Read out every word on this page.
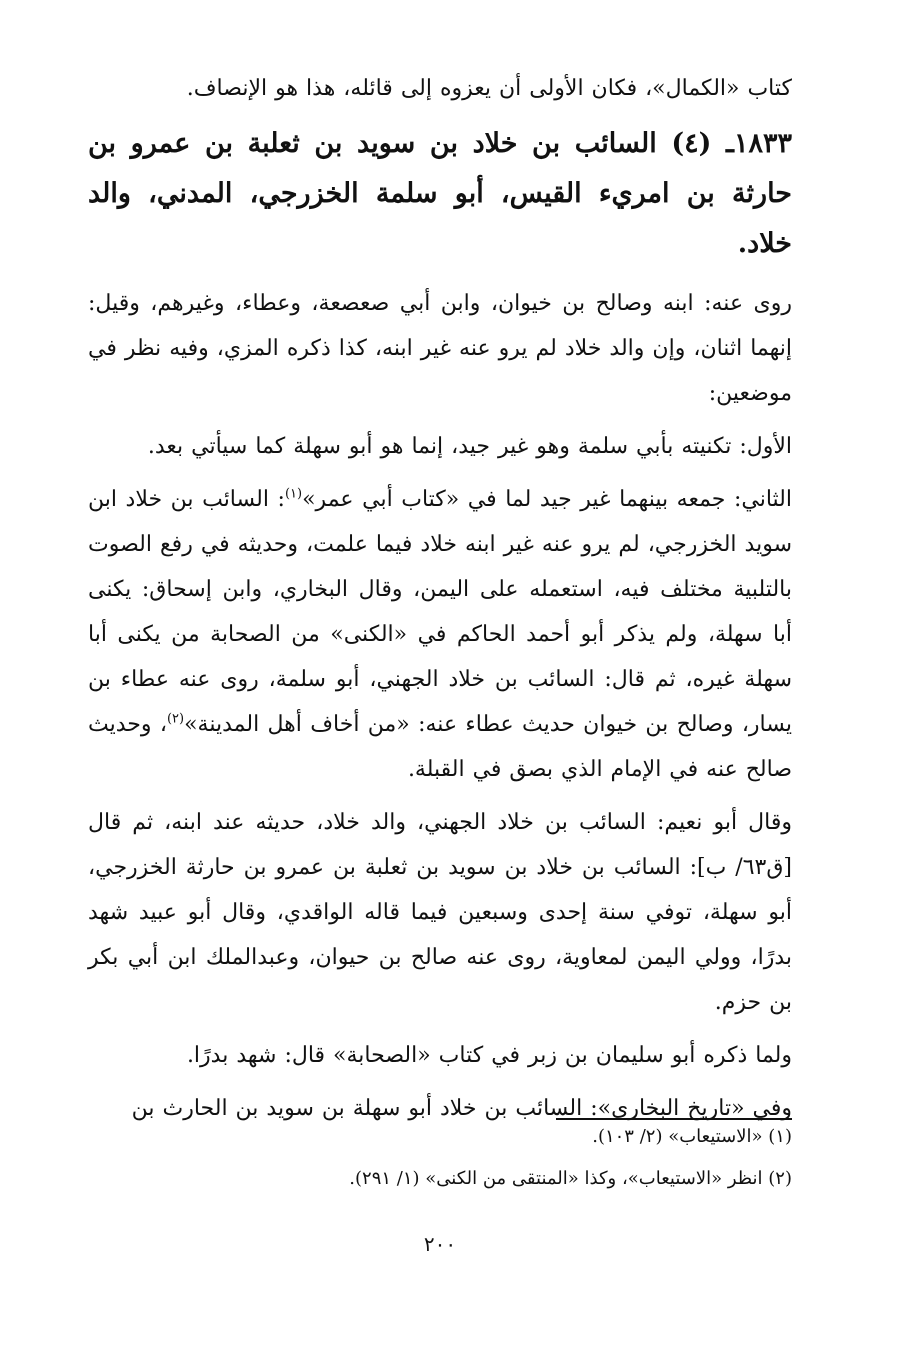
كتاب «الكمال»، فكان الأولى أن يعزوه إلى قائله، هذا هو الإنصاف.

١٨٣٣ـ (٤) السائب بن خلاد بن سويد بن ثعلبة بن عمرو بن حارثة بن امريء القيس، أبو سلمة الخزرجي، المدني، والد خلاد.

روى عنه: ابنه وصالح بن خيوان، وابن أبي صعصعة، وعطاء، وغيرهم، وقيل: إنهما اثنان، وإن والد خلاد لم يرو عنه غير ابنه، كذا ذكره المزي، وفيه نظر في موضعين:

الأول: تكنيته بأبي سلمة وهو غير جيد، إنما هو أبو سهلة كما سيأتي بعد.

الثاني: جمعه بينهما غير جيد لما في «كتاب أبي عمر»$^{(١)}$: السائب بن خلاد ابن سويد الخزرجي، لم يرو عنه غير ابنه خلاد فيما علمت، وحديثه في رفع الصوت بالتلبية مختلف فيه، استعمله على اليمن، وقال البخاري، وابن إسحاق: يكنى أبا سهلة، ولم يذكر أبو أحمد الحاكم في «الكنى» من الصحابة من يكنى أبا سهلة غيره، ثم قال: السائب بن خلاد الجهني، أبو سلمة، روى عنه عطاء بن يسار، وصالح بن خيوان حديث عطاء عنه: «من أخاف أهل المدينة»$^{(٢)}$، وحديث صالح عنه في الإمام الذي بصق في القبلة.

وقال أبو نعيم: السائب بن خلاد الجهني، والد خلاد، حديثه عند ابنه، ثم قال [ق٦٣/ ب]: السائب بن خلاد بن سويد بن ثعلبة بن عمرو بن حارثة الخزرجي، أبو سهلة، توفي سنة إحدى وسبعين فيما قاله الواقدي، وقال أبو عبيد شهد بدرًا، وولي اليمن لمعاوية، روى عنه صالح بن حيوان، وعبدالملك ابن أبي بكر بن حزم.

ولما ذكره أبو سليمان بن زبر في كتاب «الصحابة» قال: شهد بدرًا.

وفي «تاريخ البخارى»: السائب بن خلاد أبو سهلة بن سويد بن الحارث بن

(١) «الاستيعاب» (٢/ ١٠٣).
(٢) انظر «الاستيعاب»، وكذا «المنتقى من الكنى» (١/ ٢٩١).
٢٠٠
